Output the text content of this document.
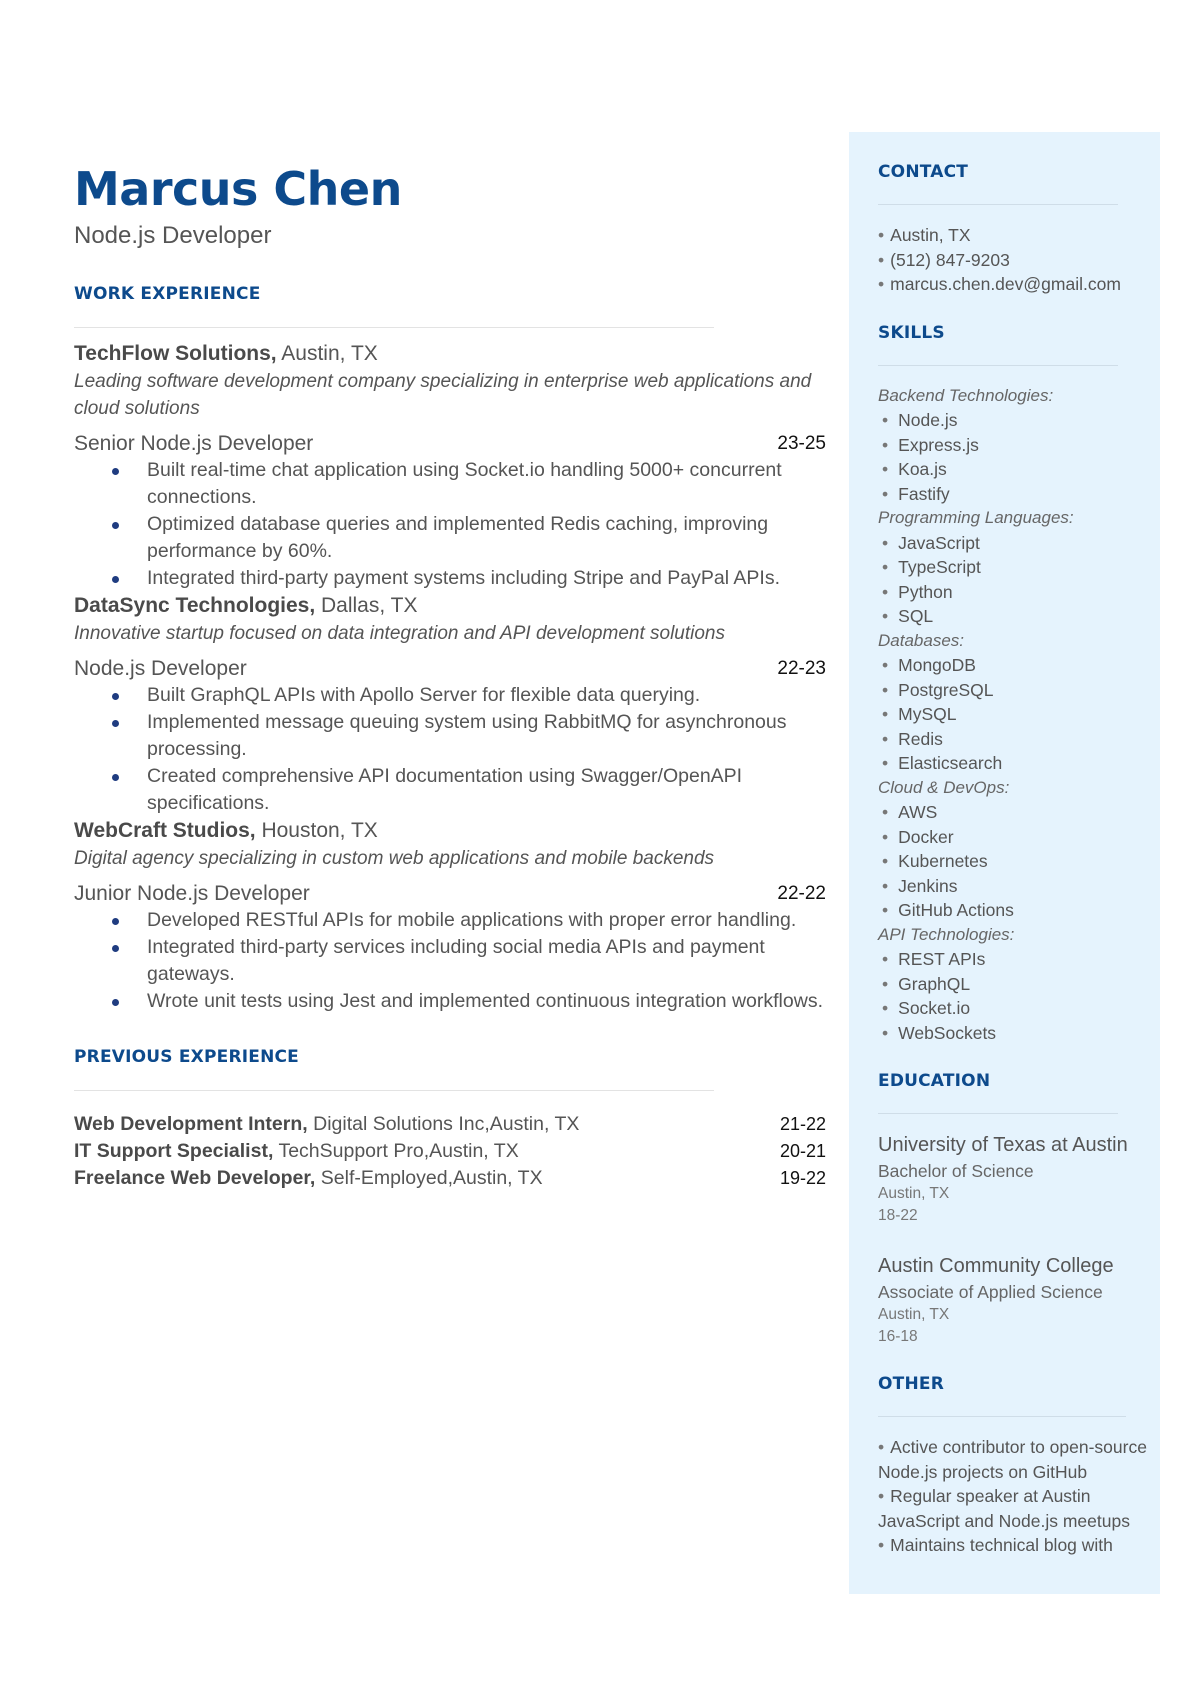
Marcus Chen
Node.js Developer
WORK EXPERIENCE
TechFlow Solutions, Austin, TX
Leading software development company specializing in enterprise web applications and cloud solutions
Senior Node.js Developer	23-25
Built real-time chat application using Socket.io handling 5000+ concurrent connections.
Optimized database queries and implemented Redis caching, improving performance by 60%.
Integrated third-party payment systems including Stripe and PayPal APIs.
DataSync Technologies, Dallas, TX
Innovative startup focused on data integration and API development solutions
Node.js Developer	22-23
Built GraphQL APIs with Apollo Server for flexible data querying.
Implemented message queuing system using RabbitMQ for asynchronous processing.
Created comprehensive API documentation using Swagger/OpenAPI specifications.
WebCraft Studios, Houston, TX
Digital agency specializing in custom web applications and mobile backends
Junior Node.js Developer	22-22
Developed RESTful APIs for mobile applications with proper error handling.
Integrated third-party services including social media APIs and payment gateways.
Wrote unit tests using Jest and implemented continuous integration workflows.
PREVIOUS EXPERIENCE
Web Development Intern, Digital Solutions Inc,Austin, TX	21-22
IT Support Specialist, TechSupport Pro,Austin, TX	20-21
Freelance Web Developer, Self-Employed,Austin, TX	19-22
CONTACT
• Austin, TX
• (512) 847-9203
• marcus.chen.dev@gmail.com
SKILLS
Backend Technologies:
• Node.js
• Express.js
• Koa.js
• Fastify
Programming Languages:
• JavaScript
• TypeScript
• Python
• SQL
Databases:
• MongoDB
• PostgreSQL
• MySQL
• Redis
• Elasticsearch
Cloud & DevOps:
• AWS
• Docker
• Kubernetes
• Jenkins
• GitHub Actions
API Technologies:
• REST APIs
• GraphQL
• Socket.io
• WebSockets
EDUCATION
University of Texas at Austin
Bachelor of Science
Austin, TX
18-22
Austin Community College
Associate of Applied Science
Austin, TX
16-18
OTHER
• Active contributor to open-source Node.js projects on GitHub
• Regular speaker at Austin JavaScript and Node.js meetups
• Maintains technical blog with
